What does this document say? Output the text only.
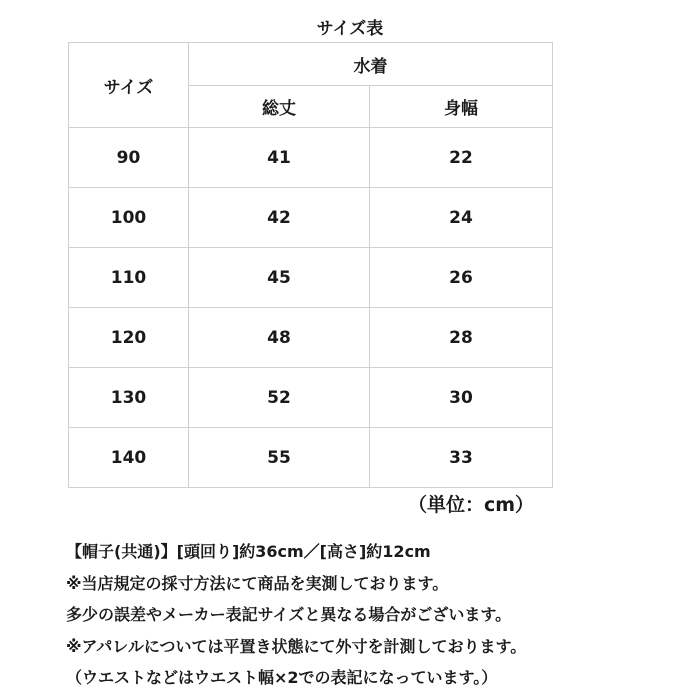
サイズ表
サイズ	水着	
	総丈	身幅
90	41	22
100	42	24
110	45	26
120	48	28
130	52	30
140	55	33
（単位：cm）
【帽子(共通)】[頭回り]約36cm／[高さ]約12cm
※当店規定の採寸方法にて商品を実測しております。
多少の誤差やメーカー表記サイズと異なる場合がございます。
※アパレルについては平置き状態にて外寸を計測しております。
（ウエストなどはウエスト幅×2での表記になっています。）
